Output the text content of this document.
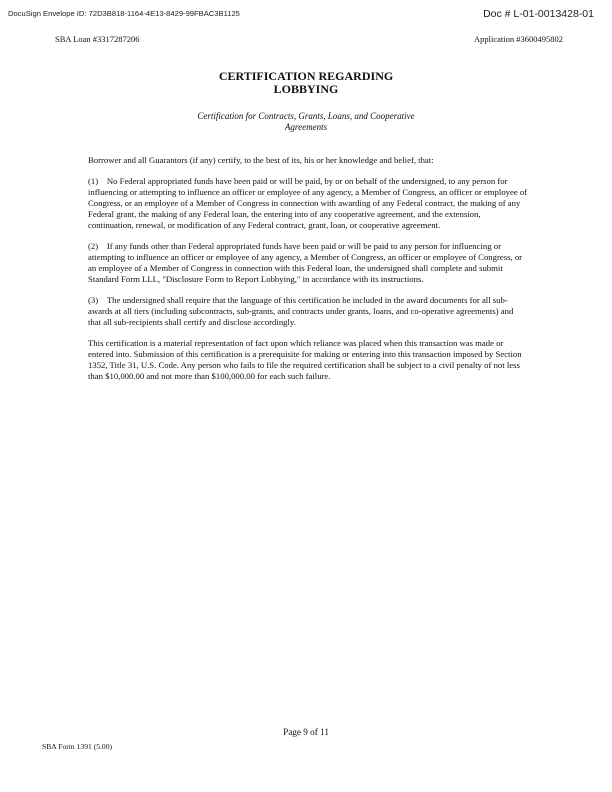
DocuSign Envelope ID: 72D3B818-1164-4E13-8429-99FBAC3B1125	Doc # L-01-0013428-01
SBA Loan #3317287206	Application #3600495802
CERTIFICATION REGARDING
LOBBYING
Certification for Contracts, Grants, Loans, and Cooperative
Agreements

Borrower and all Guarantors (if any) certify, to the best of its, his or her knowledge and belief, that:

(1)    No Federal appropriated funds have been paid or will be paid, by or on behalf of the undersigned, to any person for influencing or attempting to influence an officer or employee of any agency, a Member of Congress, an officer or employee of Congress, or an employee of a Member of Congress in connection with awarding of any Federal contract, the making of any Federal grant, the making of any Federal loan, the entering into of any cooperative agreement, and the extension, continuation, renewal, or modification of any Federal contract, grant, loan, or cooperative agreement.

(2)    If any funds other than Federal appropriated funds have been paid or will be paid to any person for influencing or attempting to influence an officer or employee of any agency, a Member of Congress, an officer or employee of Congress, or an employee of a Member of Congress in connection with this Federal loan, the undersigned shall complete and submit Standard Form LLL, "Disclosure Form to Report Lobbying," in accordance with its instructions.

(3)    The undersigned shall require that the language of this certification be included in the award documents for all sub-awards at all tiers (including subcontracts, sub-grants, and contracts under grants, loans, and co-operative agreements) and that all sub-recipients shall certify and disclose accordingly.

This certification is a material representation of fact upon which reliance was placed when this transaction was made or entered into. Submission of this certification is a prerequisite for making or entering into this transaction imposed by Section 1352, Title 31, U.S. Code. Any person who fails to file the required certification shall be subject to a civil penalty of not less than $10,000.00 and not more than $100,000.00 for each such failure.

Page 9 of 11
SBA Form 1391 (5.00)
